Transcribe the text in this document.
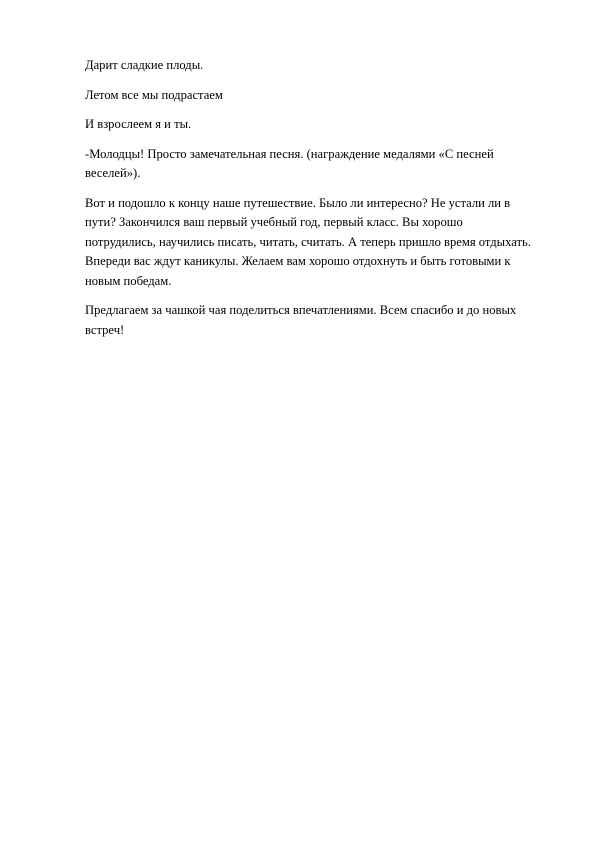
Дарит сладкие плоды.

Летом все мы подрастаем

И взрослеем я и ты.

-Молодцы! Просто замечательная песня. (награждение медалями «С песней веселей»).

Вот и подошло к концу наше путешествие. Было ли интересно? Не устали ли в пути? Закончился ваш первый учебный год, первый класс. Вы хорошо потрудились, научились писать, читать, считать. А теперь пришло время отдыхать. Впереди вас ждут каникулы. Желаем вам хорошо отдохнуть и быть готовыми к новым победам.

Предлагаем за чашкой чая поделиться впечатлениями. Всем спасибо и до новых встреч!
